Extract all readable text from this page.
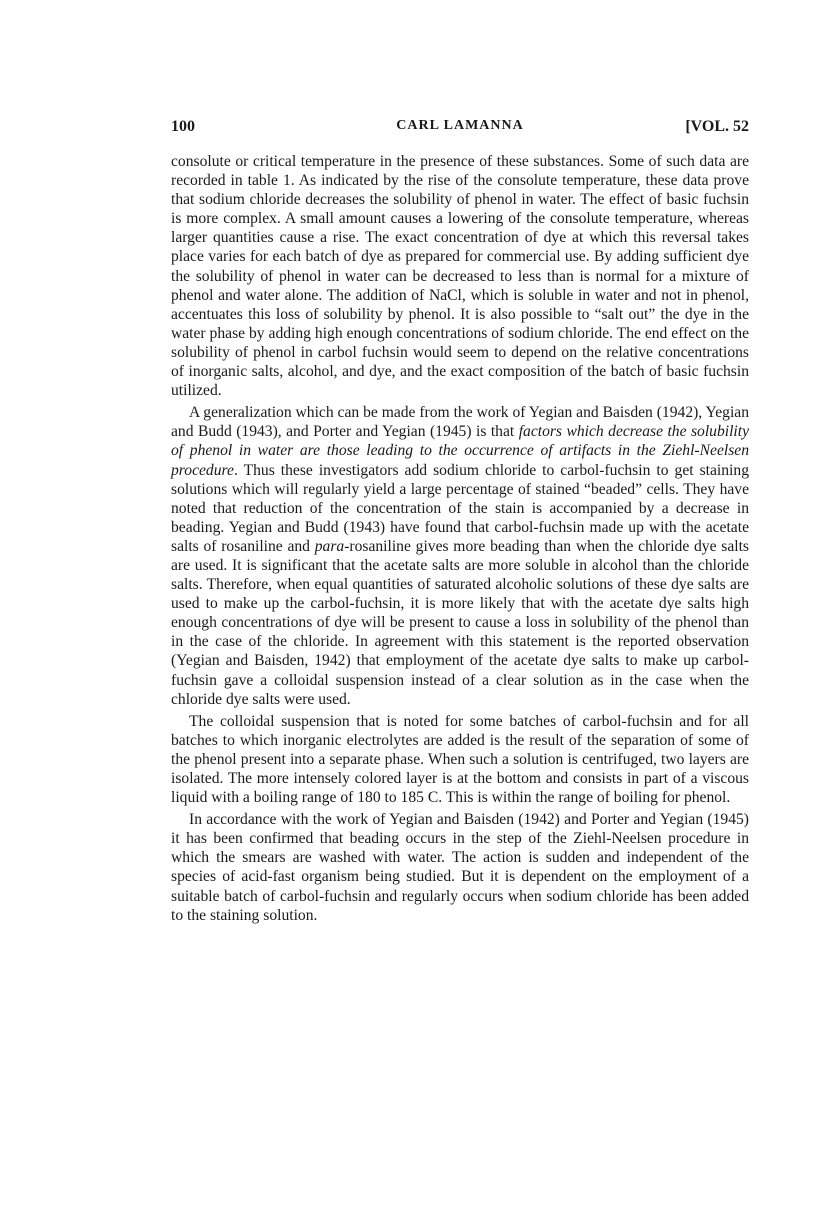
100	CARL LAMANNA	[VOL. 52

consolute or critical temperature in the presence of these substances. Some of such data are recorded in table 1. As indicated by the rise of the consolute temperature, these data prove that sodium chloride decreases the solubility of phenol in water. The effect of basic fuchsin is more complex. A small amount causes a lowering of the consolute temperature, whereas larger quantities cause a rise. The exact concentration of dye at which this reversal takes place varies for each batch of dye as prepared for commercial use. By adding sufficient dye the solubility of phenol in water can be decreased to less than is normal for a mixture of phenol and water alone. The addition of NaCl, which is soluble in water and not in phenol, accentuates this loss of solubility by phenol. It is also possible to “salt out” the dye in the water phase by adding high enough concentrations of sodium chloride. The end effect on the solubility of phenol in carbol fuchsin would seem to depend on the relative concentrations of inorganic salts, alcohol, and dye, and the exact composition of the batch of basic fuchsin utilized.

A generalization which can be made from the work of Yegian and Baisden (1942), Yegian and Budd (1943), and Porter and Yegian (1945) is that factors which decrease the solubility of phenol in water are those leading to the occurrence of artifacts in the Ziehl-Neelsen procedure. Thus these investigators add sodium chloride to carbol-fuchsin to get staining solutions which will regularly yield a large percentage of stained “beaded” cells. They have noted that reduction of the concentration of the stain is accompanied by a decrease in beading. Yegian and Budd (1943) have found that carbol-fuchsin made up with the acetate salts of rosaniline and para-rosaniline gives more beading than when the chloride dye salts are used. It is significant that the acetate salts are more soluble in alcohol than the chloride salts. Therefore, when equal quantities of saturated alcoholic solutions of these dye salts are used to make up the carbol-fuchsin, it is more likely that with the acetate dye salts high enough concentrations of dye will be present to cause a loss in solubility of the phenol than in the case of the chloride. In agreement with this statement is the reported observation (Yegian and Baisden, 1942) that employment of the acetate dye salts to make up carbol-fuchsin gave a colloidal suspension instead of a clear solution as in the case when the chloride dye salts were used.

The colloidal suspension that is noted for some batches of carbol-fuchsin and for all batches to which inorganic electrolytes are added is the result of the separation of some of the phenol present into a separate phase. When such a solution is centrifuged, two layers are isolated. The more intensely colored layer is at the bottom and consists in part of a viscous liquid with a boiling range of 180 to 185 C. This is within the range of boiling for phenol.

In accordance with the work of Yegian and Baisden (1942) and Porter and Yegian (1945) it has been confirmed that beading occurs in the step of the Ziehl-Neelsen procedure in which the smears are washed with water. The action is sudden and independent of the species of acid-fast organism being studied. But it is dependent on the employment of a suitable batch of carbol-fuchsin and regularly occurs when sodium chloride has been added to the staining solution.
